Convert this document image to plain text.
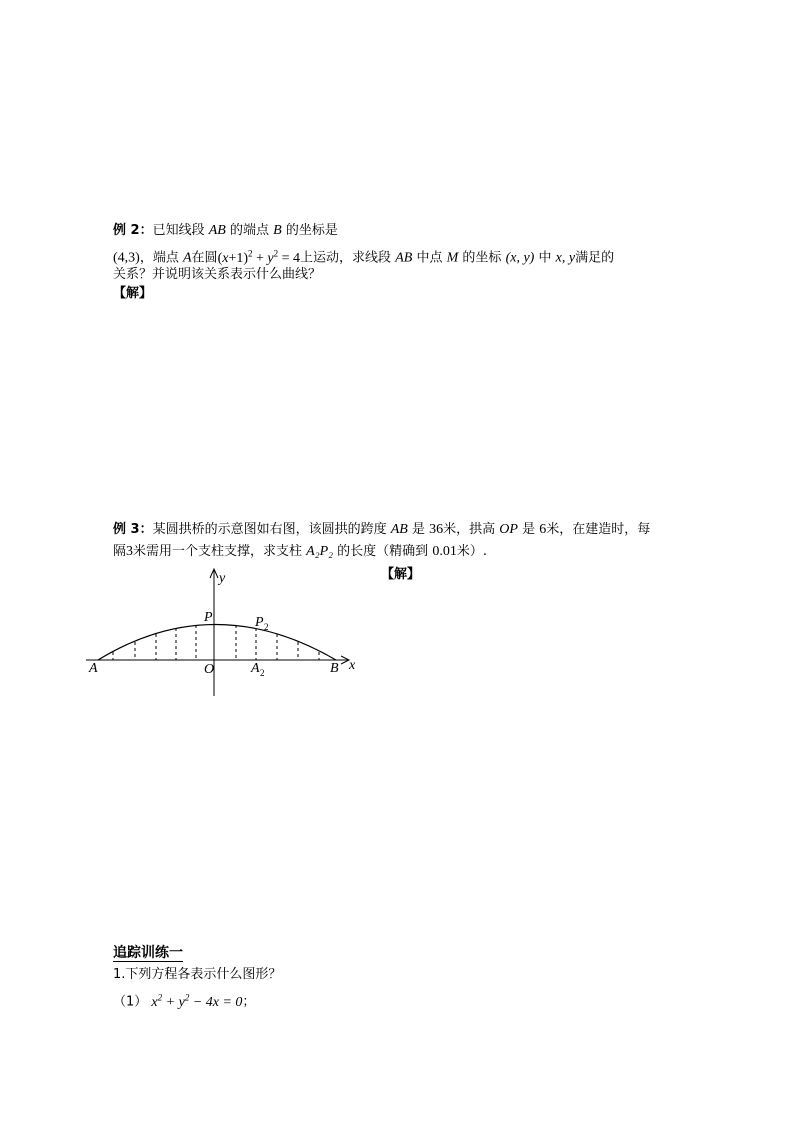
例 2：已知线段 AB 的端点 B 的坐标是
(4,3)，端点 A在圆$(x+1)^2 + y^2 = 4$上运动，求线段 AB 中点 M 的坐标 (x, y) 中 x, y满足的
关系？并说明该关系表示什么曲线？
【解】
例 3：某圆拱桥的示意图如右图，该圆拱的跨度 AB 是 36米，拱高 OP 是 6米，在建造时，每
隔3米需用一个支柱支撑，求支柱 A₂P₂ 的长度（精确到 0.01米）.
【解】
y
x
A	B
O
P	P 2
A 2
追踪训练一
1.下列方程各表示什么图形？
（1） $x^2 + y^2 - 4x = 0$；
